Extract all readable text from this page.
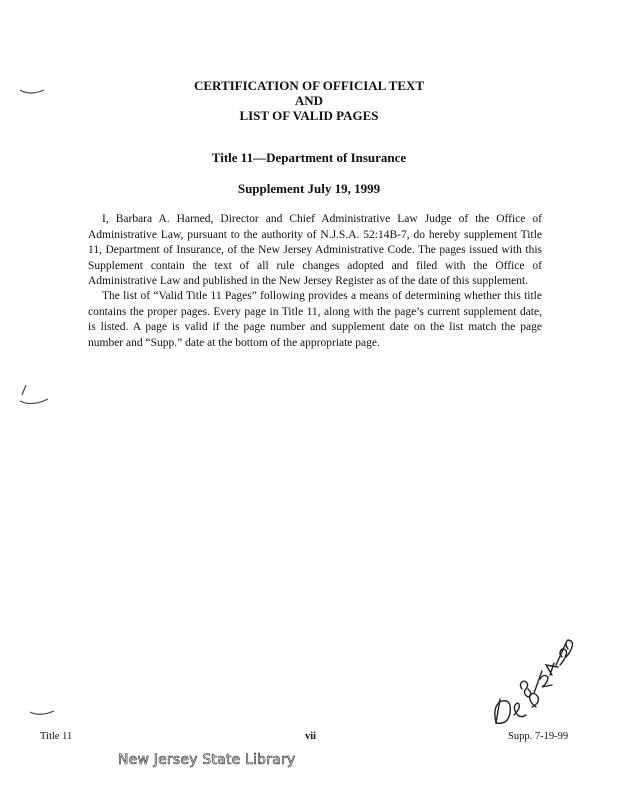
CERTIFICATION OF OFFICIAL TEXT
AND
LIST OF VALID PAGES
Title 11—Department of Insurance
Supplement July 19, 1999

I, Barbara A. Harned, Director and Chief Administrative Law Judge of the Office of Administrative Law, pursuant to the authority of N.J.S.A. 52:14B-7, do hereby supplement Title 11, Department of Insurance, of the New Jersey Administrative Code. The pages issued with this Supplement contain the text of all rule changes adopted and filed with the Office of Administrative Law and published in the New Jersey Register as of the date of this supplement.

The list of “Valid Title 11 Pages” following provides a means of determining whether this title contains the proper pages. Every page in Title 11, along with the page’s current supplement date, is listed. A page is valid if the page number and supplement date on the list match the page number and “Supp.” date at the bottom of the appropriate page.

Title 11	vii	Supp. 7-19-99
New Jersey State Library
